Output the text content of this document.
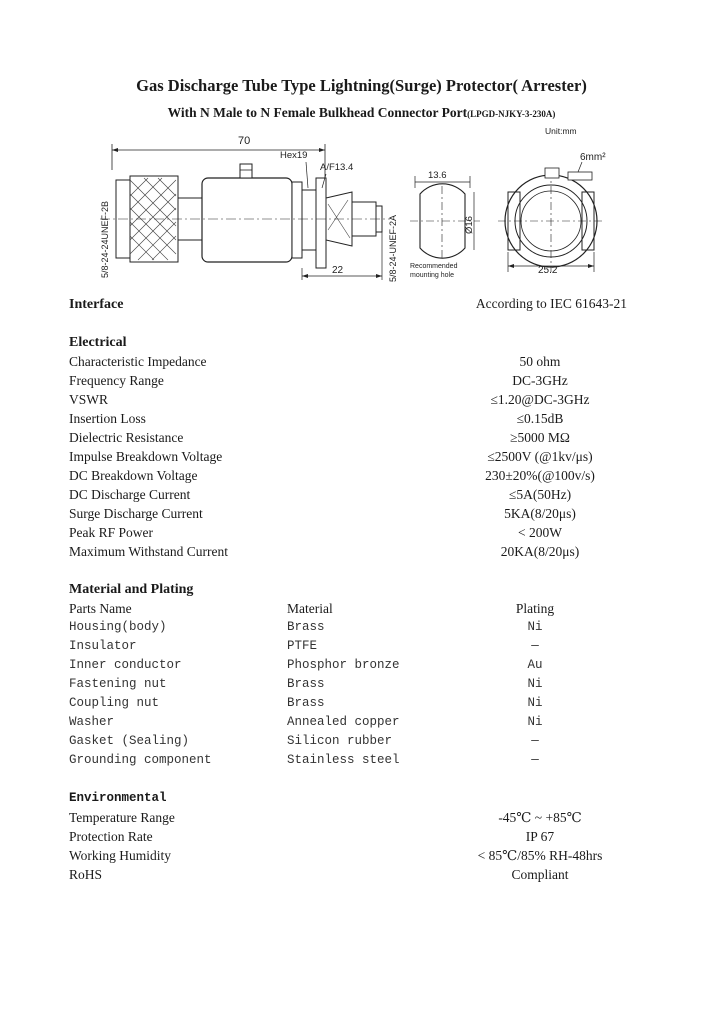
Gas Discharge Tube Type Lightning(Surge) Protector( Arrester)
With N Male to N Female Bulkhead Connector Port(LPGD-NJKY-3-230A)
Unit:mm
70
5/8-24-24UNEF-2B
Hex19
A/F13.4
22	5/8-24-UNEF-2A
13.6
Ø16
Recommended
mounting hole
6mm²
25.2
Interface	According to IEC 61643-21
Electrical
Characteristic Impedance	50 ohm
Frequency Range	DC-3GHz
VSWR	≤1.20@DC-3GHz
Insertion Loss	≤0.15dB
Dielectric Resistance	≥5000 MΩ
Impulse Breakdown Voltage	≤2500V (@1kv/μs)
DC Breakdown Voltage	230±20%(@100v/s)
DC Discharge Current	≤5A(50Hz)
Surge Discharge Current	5KA(8/20μs)
Peak RF Power	< 200W
Maximum Withstand Current	20KA(8/20μs)
Material and Plating
Parts Name	Material	Plating
Housing(body)	Brass	Ni
Insulator	PTFE	—
Inner conductor	Phosphor bronze	Au
Fastening nut	Brass	Ni
Coupling nut	Brass	Ni
Washer	Annealed copper	Ni
Gasket (Sealing)	Silicon rubber	—
Grounding component	Stainless steel	—
Environmental
Temperature Range	-45℃ ~ +85℃
Protection Rate	IP 67
Working Humidity	< 85℃/85% RH-48hrs
RoHS	Compliant
